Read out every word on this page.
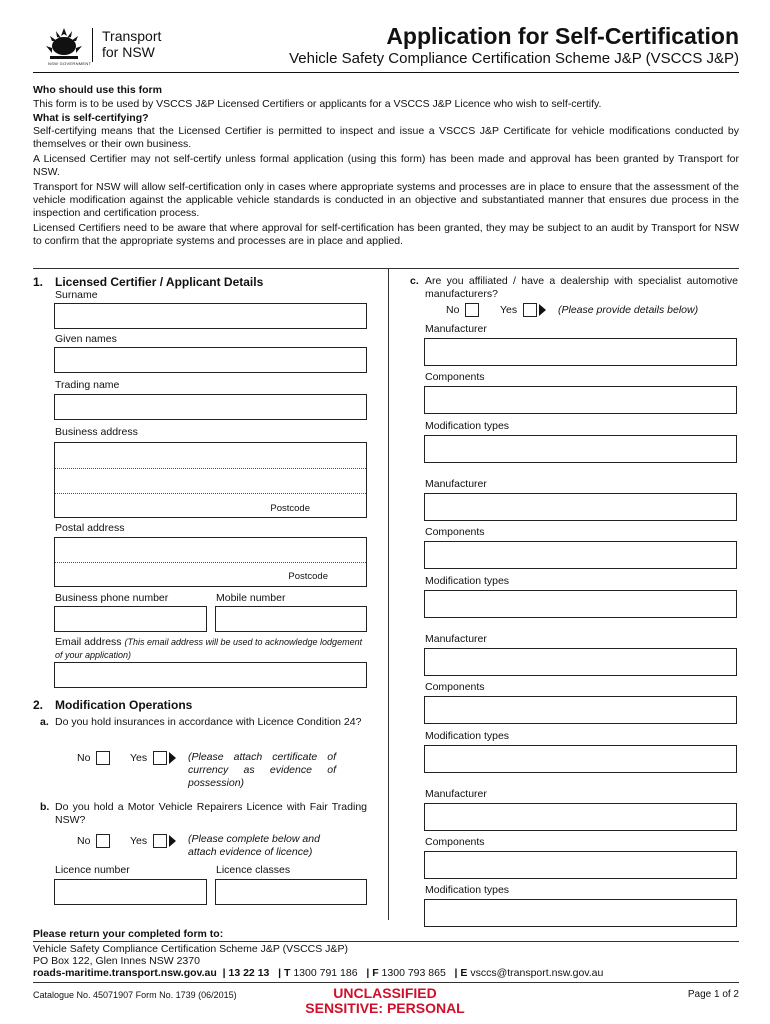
NSW GOVERNMENT
Transport
for NSW
Application for Self-Certification
Vehicle Safety Compliance Certification Scheme J&P (VSCCS J&P)
Who should use this form
This form is to be used by VSCCS J&P Licensed Certifiers or applicants for a VSCCS J&P Licence who wish to self-certify.
What is self-certifying?
Self-certifying means that the Licensed Certifier is permitted to inspect and issue a VSCCS J&P Certificate for vehicle modifications conducted by themselves or their own business.
A Licensed Certifier may not self-certify unless formal application (using this form) has been made and approval has been granted by Transport for NSW.
Transport for NSW will allow self-certification only in cases where appropriate systems and processes are in place to ensure that the assessment of the vehicle modification against the applicable vehicle standards is conducted in an objective and substantiated manner that ensures due process in the inspection and certification process.
Licensed Certifiers need to be aware that where approval for self-certification has been granted, they may be subject to an audit by Transport for NSW to confirm that the appropriate systems and processes are in place and applied.
1. Licensed Certifier / Applicant Details
Surname
Given names
Trading name
Business address
Postcode
Postal address
Postcode
Business phone number	Mobile number
Email address (This email address will be used to acknowledge lodgement of your application)
2. Modification Operations
a. Do you hold insurances in accordance with Licence Condition 24?
No	Yes	(Please attach certificate of currency as evidence of possession)
b. Do you hold a Motor Vehicle Repairers Licence with Fair Trading NSW?
No	Yes	(Please complete below and attach evidence of licence)
Licence number	Licence classes
c. Are you affiliated / have a dealership with specialist automotive manufacturers?
No	Yes	(Please provide details below)
Manufacturer
Components
Modification types
Manufacturer
Components
Modification types
Manufacturer
Components
Modification types
Manufacturer
Components
Modification types
Please return your completed form to:
Vehicle Safety Compliance Certification Scheme J&P (VSCCS J&P)
PO Box 122, Glen Innes NSW 2370
roads-maritime.transport.nsw.gov.au  | 13 22 13   | T 1300 791 186   | F 1300 793 865   | E vsccs@transport.nsw.gov.au
Catalogue No. 45071907 Form No. 1739 (06/2015)	UNCLASSIFIED
SENSITIVE: PERSONAL
Page 1 of 2
